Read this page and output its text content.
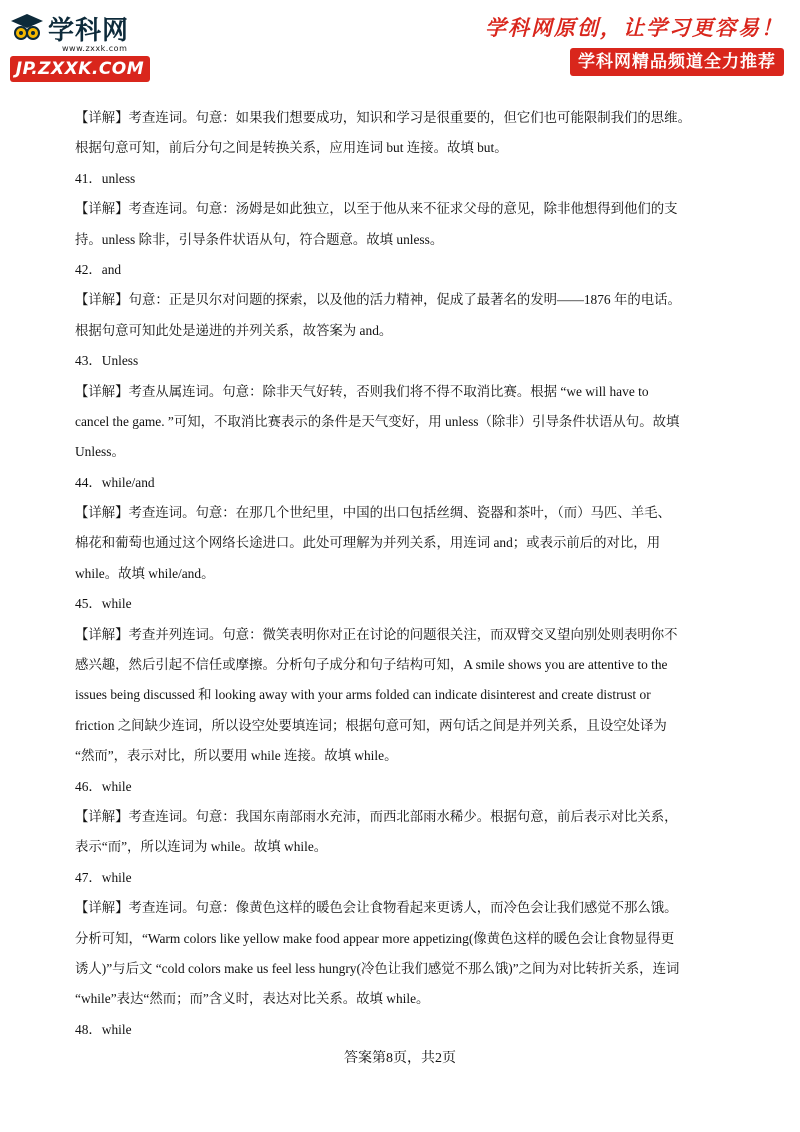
学科网
www.zxxk.com
JP.ZXXK.COM
学科网原创，让学习更容易！
学科网精品频道全力推荐
【详解】考查连词。句意：如果我们想要成功，知识和学习是很重要的，但它们也可能限制我们的思维。
根据句意可知，前后分句之间是转换关系，应用连词 but 连接。故填 but。
41．unless
【详解】考查连词。句意：汤姆是如此独立，以至于他从来不征求父母的意见，除非他想得到他们的支
持。unless 除非，引导条件状语从句，符合题意。故填 unless。
42．and
【详解】句意：正是贝尔对问题的探索，以及他的活力精神，促成了最著名的发明——1876 年的电话。
根据句意可知此处是递进的并列关系，故答案为 and。
43．Unless
【详解】考查从属连词。句意：除非天气好转，否则我们将不得不取消比赛。根据 “we will have to
cancel the game. ”可知，不取消比赛表示的条件是天气变好，用 unless（除非）引导条件状语从句。故填
Unless。
44．while/and
【详解】考查连词。句意：在那几个世纪里，中国的出口包括丝绸、瓷器和茶叶，（而）马匹、羊毛、
棉花和葡萄也通过这个网络长途进口。此处可理解为并列关系，用连词 and；或表示前后的对比，用
while。故填 while/and。
45．while
【详解】考查并列连词。句意：微笑表明你对正在讨论的问题很关注，而双臂交叉望向别处则表明你不
感兴趣，然后引起不信任或摩擦。分析句子成分和句子结构可知，A smile shows you are attentive to the
issues being discussed 和 looking away with your arms folded can indicate disinterest and create distrust or
friction 之间缺少连词，所以设空处要填连词；根据句意可知，两句话之间是并列关系，且设空处译为
“然而”，表示对比，所以要用 while 连接。故填 while。
46．while
【详解】考查连词。句意：我国东南部雨水充沛，而西北部雨水稀少。根据句意，前后表示对比关系，
表示“而”，所以连词为 while。故填 while。
47．while
【详解】考查连词。句意：像黄色这样的暖色会让食物看起来更诱人，而冷色会让我们感觉不那么饿。
分析可知，“Warm colors like yellow make food appear more appetizing(像黄色这样的暖色会让食物显得更
诱人)”与后文 “cold colors make us feel less hungry(冷色让我们感觉不那么饿)”之间为对比转折关系，连词
“while”表达“然而；而”含义时，表达对比关系。故填 while。
48．while
答案第8页，共2页
